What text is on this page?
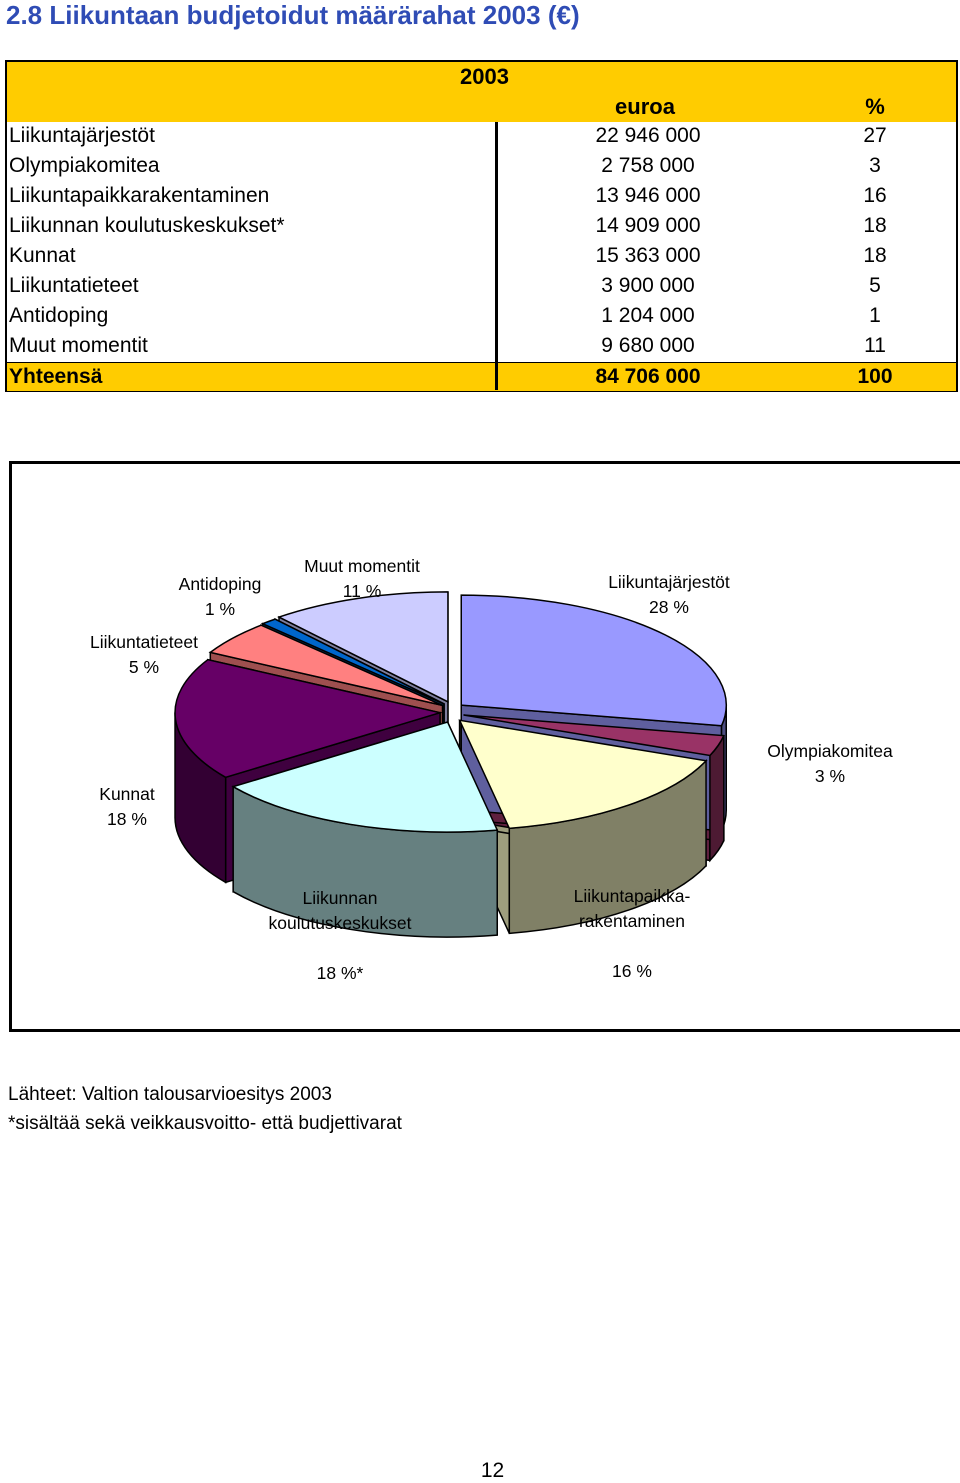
2.8 Liikuntaan budjetoidut määrärahat 2003 (€)
2003
euroa	%
Liikuntajärjestöt	22 946 000	27
Olympiakomitea	2 758 000	3
Liikuntapaikkarakentaminen	13 946 000	16
Liikunnan koulutuskeskukset*	14 909 000	18
Kunnat	15 363 000	18
Liikuntatieteet	3 900 000	5
Antidoping	1 204 000	1
Muut momentit	9 680 000	11
Yhteensä	84 706 000	100
Antidoping
1 %
Muut momentit
11 %	Liikuntajärjestöt
28 %
Liikuntatieteet
5 %
Olympiakomitea
3 %
Kunnat
18 %

Liikunnan
koulutuskeskukset

18 %*

Liikuntapaikka-
rakentaminen

16 %

Lähteet: Valtion talousarvioesitys 2003
*sisältää sekä veikkausvoitto- että budjettivarat
12
